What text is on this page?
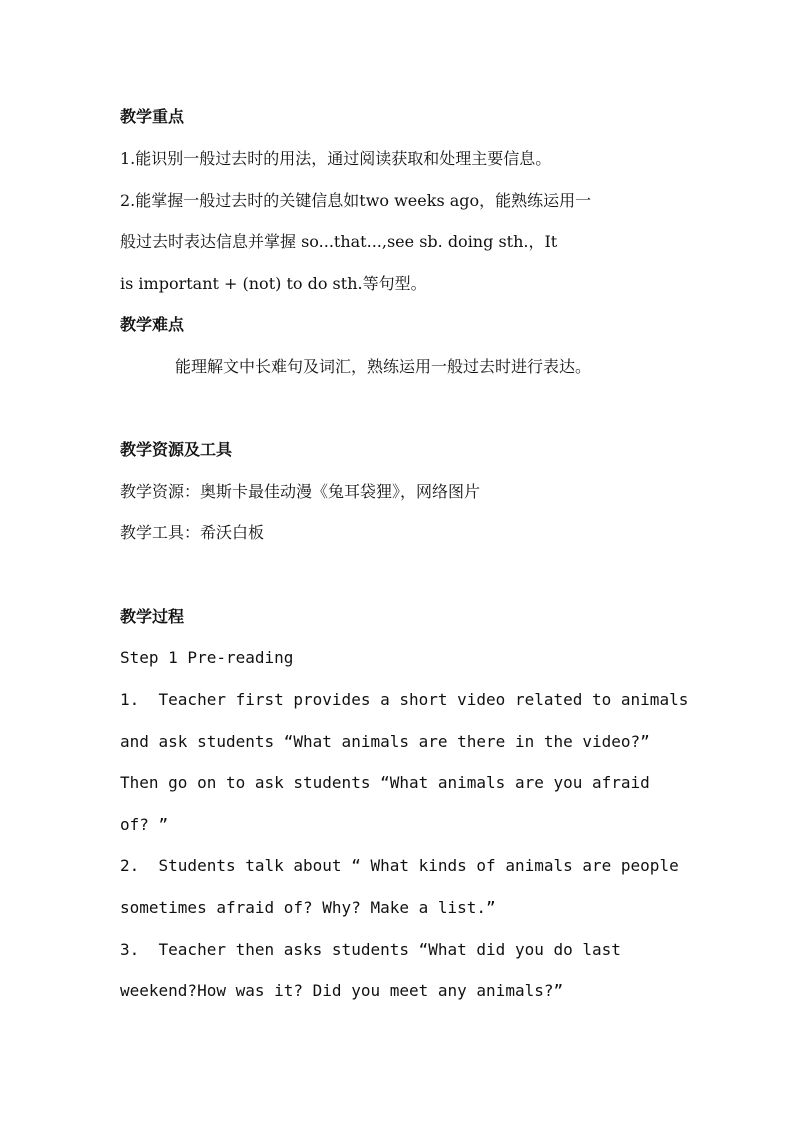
教学重点
1.能识别一般过去时的用法，通过阅读获取和处理主要信息。
2.能掌握一般过去时的关键信息如two weeks ago，能熟练运用一
般过去时表达信息并掌握 so...that...,see sb. doing sth.，It
is important + (not) to do sth.等句型。
教学难点
能理解文中长难句及词汇，熟练运用一般过去时进行表达。
教学资源及工具
教学资源：奥斯卡最佳动漫《兔耳袋狸》，网络图片
教学工具：希沃白板
教学过程
Step 1 Pre-reading
1.  Teacher first provides a short video related to animals
and ask students “What animals are there in the video?”
Then go on to ask students “What animals are you afraid
of? ”
2.  Students talk about “ What kinds of animals are people
sometimes afraid of? Why? Make a list.”
3.  Teacher then asks students “What did you do last
weekend?How was it? Did you meet any animals?”
